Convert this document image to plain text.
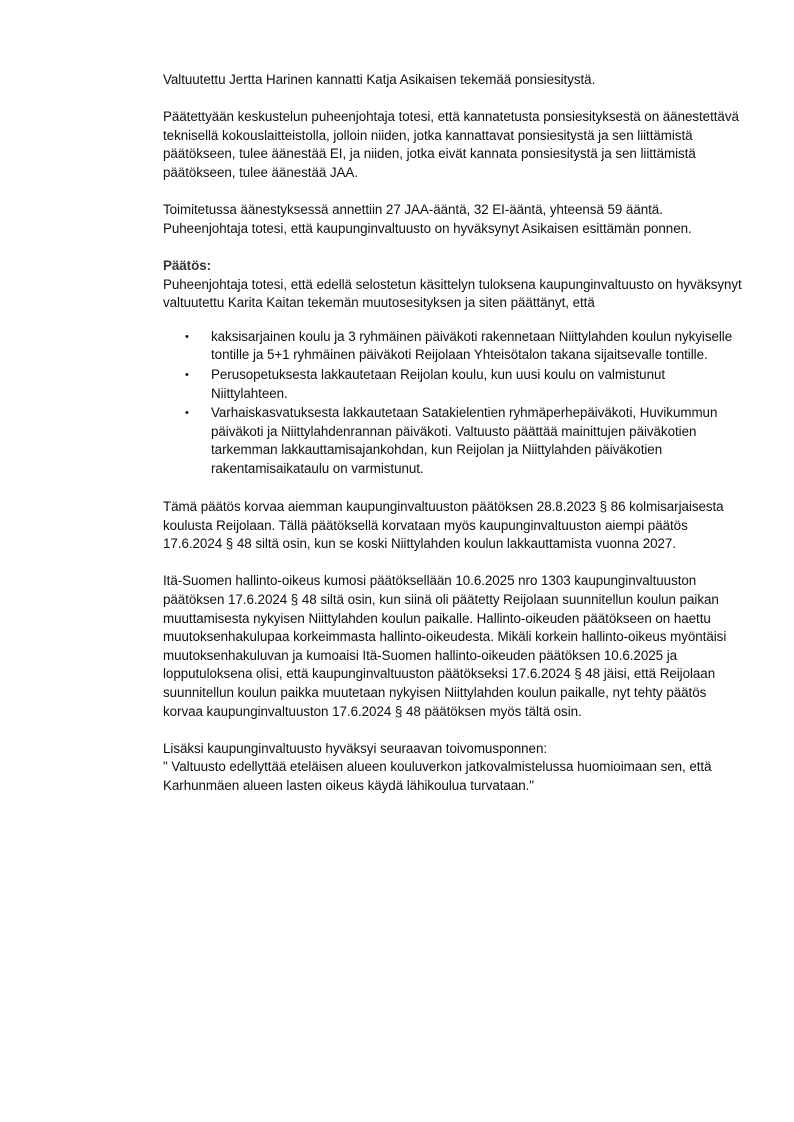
Valtuutettu Jertta Harinen kannatti Katja Asikaisen tekemää ponsiesitystä.

Päätettyään keskustelun puheenjohtaja totesi, että kannatetusta ponsiesityksestä on äänestettävä teknisellä kokouslaitteistolla, jolloin niiden, jotka kannattavat ponsiesitystä ja sen liittämistä päätökseen, tulee äänestää EI, ja niiden, jotka eivät kannata ponsiesitystä ja sen liittämistä päätökseen, tulee äänestää JAA.

Toimitetussa äänestyksessä annettiin 27 JAA-ääntä, 32 EI-ääntä, yhteensä 59 ääntä. Puheenjohtaja totesi, että kaupunginvaltuusto on hyväksynyt Asikaisen esittämän ponnen.

Päätös:

Puheenjohtaja totesi, että edellä selostetun käsittelyn tuloksena kaupunginvaltuusto on hyväksynyt valtuutettu Karita Kaitan tekemän muutosesityksen ja siten päättänyt, että

• kaksisarjainen koulu ja 3 ryhmäinen päiväkoti rakennetaan Niittylahden koulun nykyiselle tontille ja 5+1 ryhmäinen päiväkoti Reijolaan Yhteisötalon takana sijaitsevalle tontille.
• Perusopetuksesta lakkautetaan Reijolan koulu, kun uusi koulu on valmistunut Niittylahteen.
• Varhaiskasvatuksesta lakkautetaan Satakielentien ryhmäperhepäiväkoti, Huvikummun päiväkoti ja Niittylahdenrannan päiväkoti. Valtuusto päättää mainittujen päiväkotien tarkemman lakkauttamisajankohdan, kun Reijolan ja Niittylahden päiväkotien rakentamisaikataulu on varmistunut.

Tämä päätös korvaa aiemman kaupunginvaltuuston päätöksen 28.8.2023 § 86 kolmisarjaisesta koulusta Reijolaan. Tällä päätöksellä korvataan myös kaupunginvaltuuston aiempi päätös 17.6.2024 § 48 siltä osin, kun se koski Niittylahden koulun lakkauttamista vuonna 2027.

Itä-Suomen hallinto-oikeus kumosi päätöksellään 10.6.2025 nro 1303 kaupunginvaltuuston päätöksen 17.6.2024 § 48 siltä osin, kun siinä oli päätetty Reijolaan suunnitellun koulun paikan muuttamisesta nykyisen Niittylahden koulun paikalle. Hallinto-oikeuden päätökseen on haettu muutoksenhakulupaa korkeimmasta hallinto-oikeudesta. Mikäli korkein hallinto-oikeus myöntäisi muutoksenhakuluvan ja kumoaisi Itä-Suomen hallinto-oikeuden päätöksen 10.6.2025 ja lopputuloksena olisi, että kaupunginvaltuuston päätökseksi 17.6.2024 § 48 jäisi, että Reijolaan suunnitellun koulun paikka muutetaan nykyisen Niittylahden koulun paikalle, nyt tehty päätös korvaa kaupunginvaltuuston 17.6.2024 § 48 päätöksen myös tältä osin.

Lisäksi kaupunginvaltuusto hyväksyi seuraavan toivomusponnen:

" Valtuusto edellyttää eteläisen alueen kouluverkon jatkovalmistelussa huomioimaan sen, että Karhunmäen alueen lasten oikeus käydä lähikoulua turvataan."
